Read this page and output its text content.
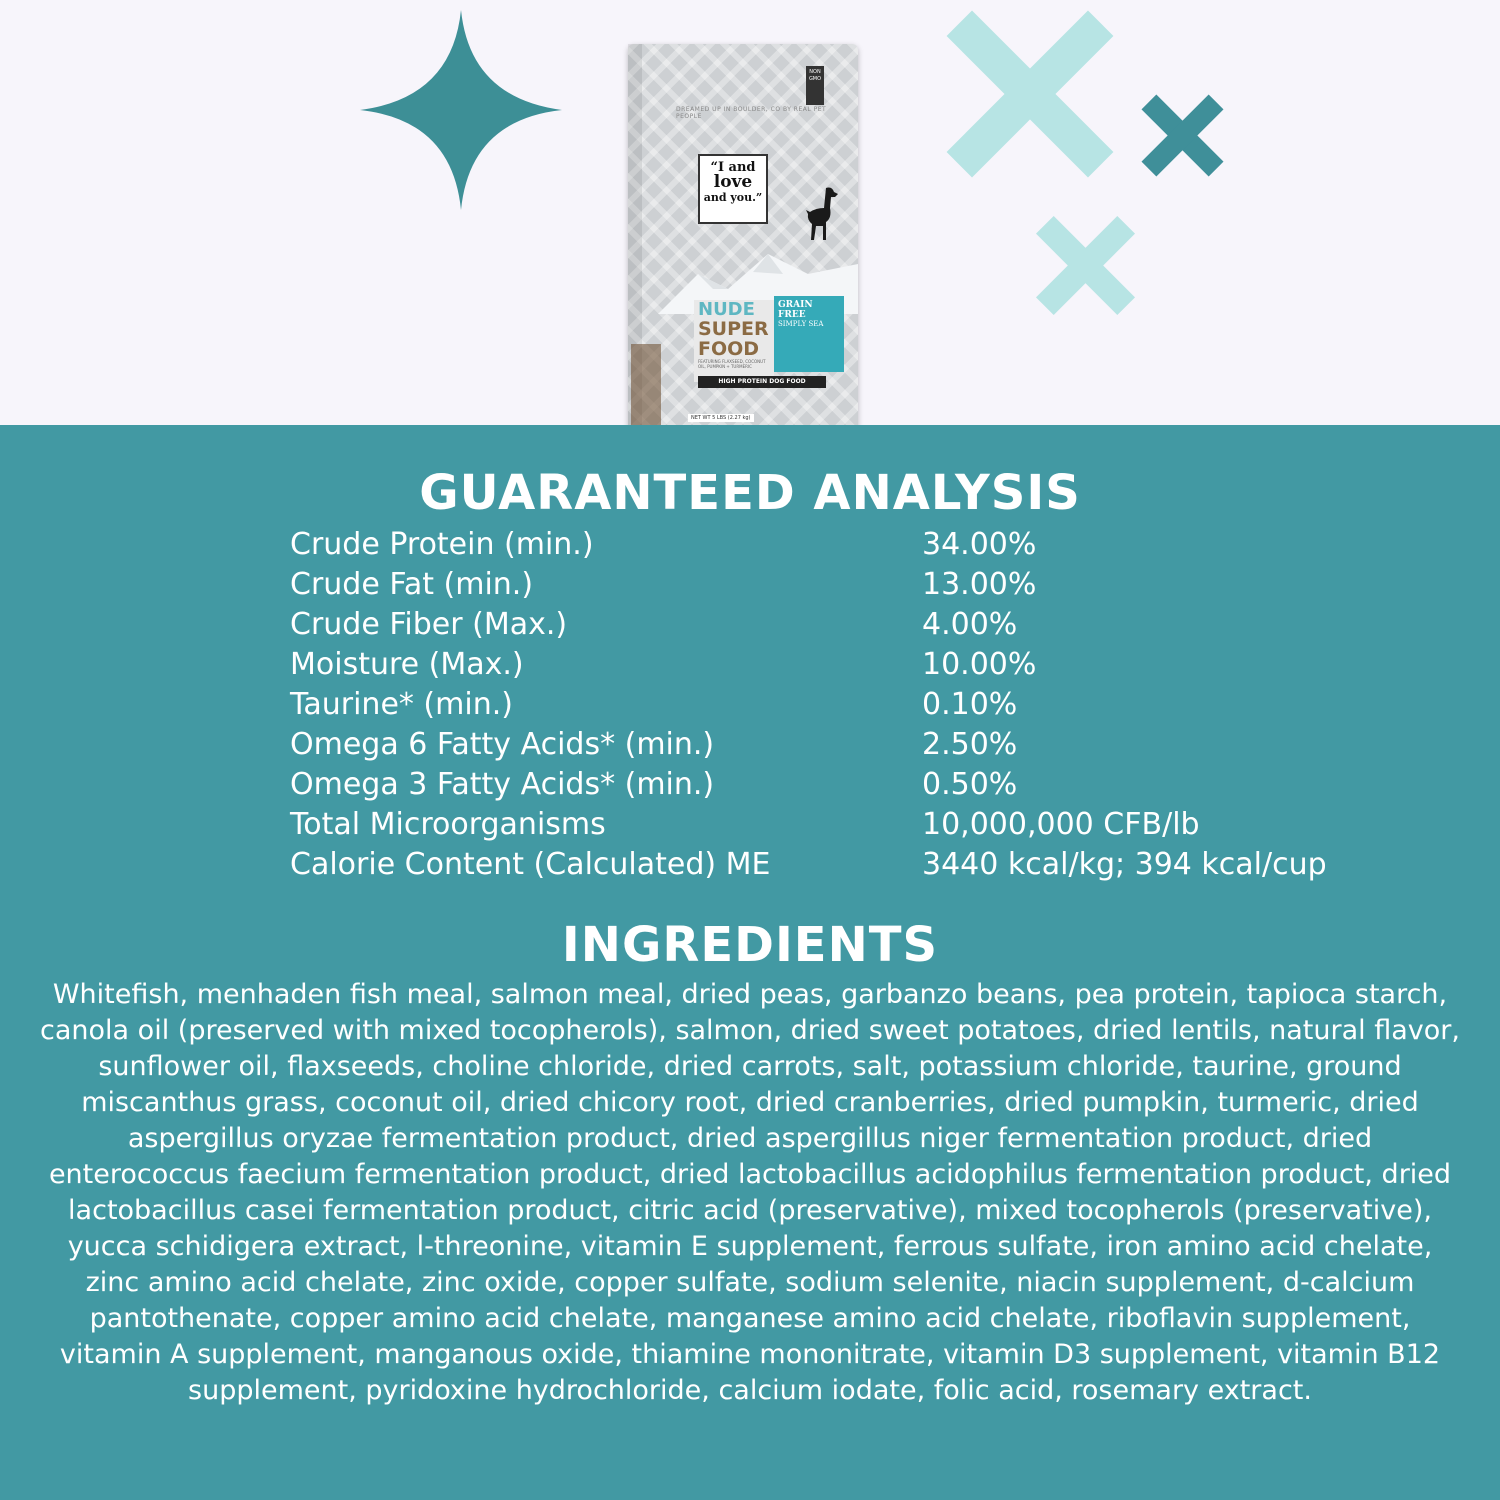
DREAMED UP IN BOULDER, CO BY REAL PET PEOPLE
NON GMO
“I and
love
and you.”
NUDE
SUPER
FOOD
FEATURING FLAXSEED, COCONUT OIL, PUMPKIN + TURMERIC
GRAIN FREE
SIMPLY SEA
HIGH PROTEIN DOG FOOD
NET WT 5 LBS (2.27 kg)
GUARANTEED ANALYSIS
Crude Protein (min.)	34.00%
Crude Fat (min.)	13.00%
Crude Fiber (Max.)	4.00%
Moisture (Max.)	10.00%
Taurine* (min.)	0.10%
Omega 6 Fatty Acids* (min.)	2.50%
Omega 3 Fatty Acids* (min.)	0.50%
Total Microorganisms	10,000,000 CFB/lb
Calorie Content (Calculated) ME	3440 kcal/kg; 394 kcal/cup
INGREDIENTS

Whitefish, menhaden fish meal, salmon meal, dried peas, garbanzo beans, pea protein, tapioca starch, canola oil (preserved with mixed tocopherols), salmon, dried sweet potatoes, dried lentils, natural flavor, sunflower oil, flaxseeds, choline chloride, dried carrots, salt, potassium chloride, taurine, ground miscanthus grass, coconut oil, dried chicory root, dried cranberries, dried pumpkin, turmeric, dried aspergillus oryzae fermentation product, dried aspergillus niger fermentation product, dried enterococcus faecium fermentation product, dried lactobacillus acidophilus fermentation product, dried lactobacillus casei fermentation product, citric acid (preservative), mixed tocopherols (preservative), yucca schidigera extract, l-threonine, vitamin E supplement, ferrous sulfate, iron amino acid chelate, zinc amino acid chelate, zinc oxide, copper sulfate, sodium selenite, niacin supplement, d-calcium pantothenate, copper amino acid chelate, manganese amino acid chelate, riboflavin supplement, vitamin A supplement, manganous oxide, thiamine mononitrate, vitamin D3 supplement, vitamin B12 supplement, pyridoxine hydrochloride, calcium iodate, folic acid, rosemary extract.
